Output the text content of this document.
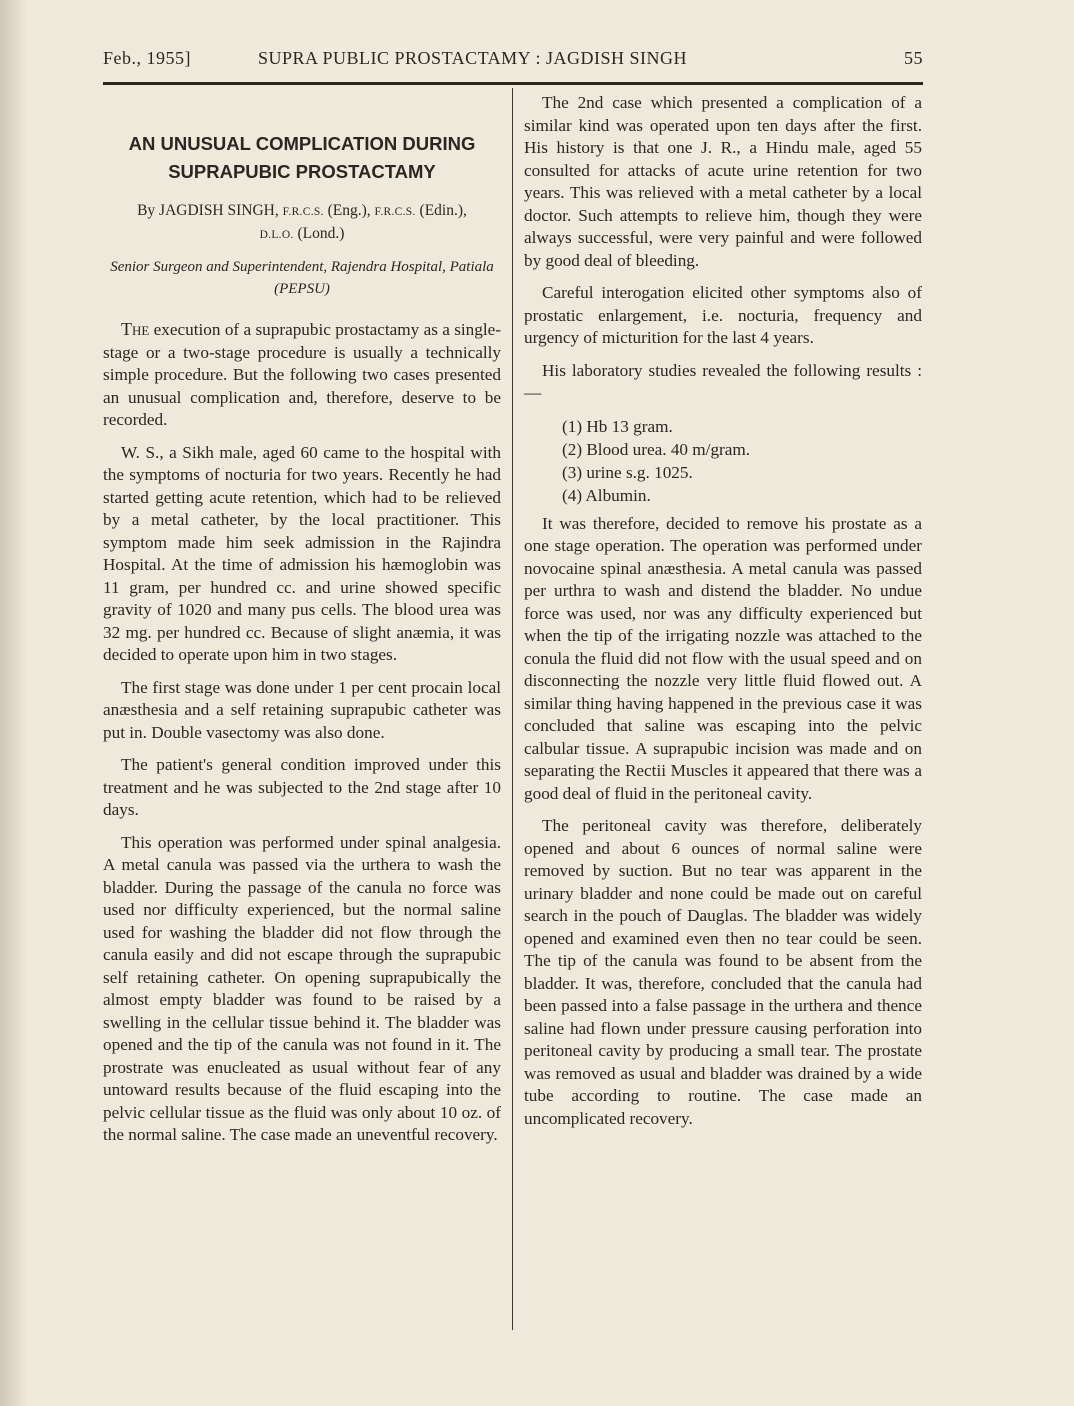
Feb., 1955]	SUPRA PUBLIC PROSTACTAMY : JAGDISH SINGH	55
AN UNUSUAL COMPLICATION DURING
SUPRAPUBIC PROSTACTAMY
By JAGDISH SINGH, F.R.C.S. (Eng.), F.R.C.S. (Edin.),
D.L.O. (Lond.)
Senior Surgeon and Superintendent, Rajendra Hospital, Patiala (PEPSU)

The execution of a suprapubic prostactamy as a single-stage or a two-stage procedure is usually a technically simple procedure. But the following two cases presented an unusual complication and, therefore, deserve to be recorded.

W. S., a Sikh male, aged 60 came to the hospital with the symptoms of nocturia for two years. Recently he had started getting acute retention, which had to be relieved by a metal catheter, by the local practitioner. This symptom made him seek admission in the Rajindra Hospital. At the time of admission his hæmoglobin was 11 gram, per hundred cc. and urine showed specific gravity of 1020 and many pus cells. The blood urea was 32 mg. per hundred cc. Because of slight anæmia, it was decided to operate upon him in two stages.

The first stage was done under 1 per cent procain local anæsthesia and a self retaining suprapubic catheter was put in. Double vasectomy was also done.

The patient's general condition improved under this treatment and he was subjected to the 2nd stage after 10 days.

This operation was performed under spinal analgesia. A metal canula was passed via the urthera to wash the bladder. During the passage of the canula no force was used nor difficulty experienced, but the normal saline used for washing the bladder did not flow through the canula easily and did not escape through the suprapubic self retaining catheter. On opening suprapubically the almost empty bladder was found to be raised by a swelling in the cellular tissue behind it. The bladder was opened and the tip of the canula was not found in it. The prostrate was enucleated as usual without fear of any untoward results because of the fluid escaping into the pelvic cellular tissue as the fluid was only about 10 oz. of the normal saline. The case made an uneventful recovery.

The 2nd case which presented a complication of a similar kind was operated upon ten days after the first. His history is that one J. R., a Hindu male, aged 55 consulted for attacks of acute urine retention for two years. This was relieved with a metal catheter by a local doctor. Such attempts to relieve him, though they were always successful, were very painful and were followed by good deal of bleeding.

Careful interogation elicited other symptoms also of prostatic enlargement, i.e. nocturia, frequency and urgency of micturition for the last 4 years.

His laboratory studies revealed the following results :—

(1) Hb 13 gram.
(2) Blood urea. 40 m/gram.
(3) urine s.g. 1025.
(4) Albumin.

It was therefore, decided to remove his prostate as a one stage operation. The operation was performed under novocaine spinal anæsthesia. A metal canula was passed per urthra to wash and distend the bladder. No undue force was used, nor was any difficulty experienced but when the tip of the irrigating nozzle was attached to the conula the fluid did not flow with the usual speed and on disconnecting the nozzle very little fluid flowed out. A similar thing having happened in the previous case it was concluded that saline was escaping into the pelvic calbular tissue. A suprapubic incision was made and on separating the Rectii Muscles it appeared that there was a good deal of fluid in the peritoneal cavity.

The peritoneal cavity was therefore, deliberately opened and about 6 ounces of normal saline were removed by suction. But no tear was apparent in the urinary bladder and none could be made out on careful search in the pouch of Dauglas. The bladder was widely opened and examined even then no tear could be seen. The tip of the canula was found to be absent from the bladder. It was, therefore, concluded that the canula had been passed into a false passage in the urthera and thence saline had flown under pressure causing perforation into peritoneal cavity by producing a small tear. The prostate was removed as usual and bladder was drained by a wide tube according to routine. The case made an uncomplicated recovery.
